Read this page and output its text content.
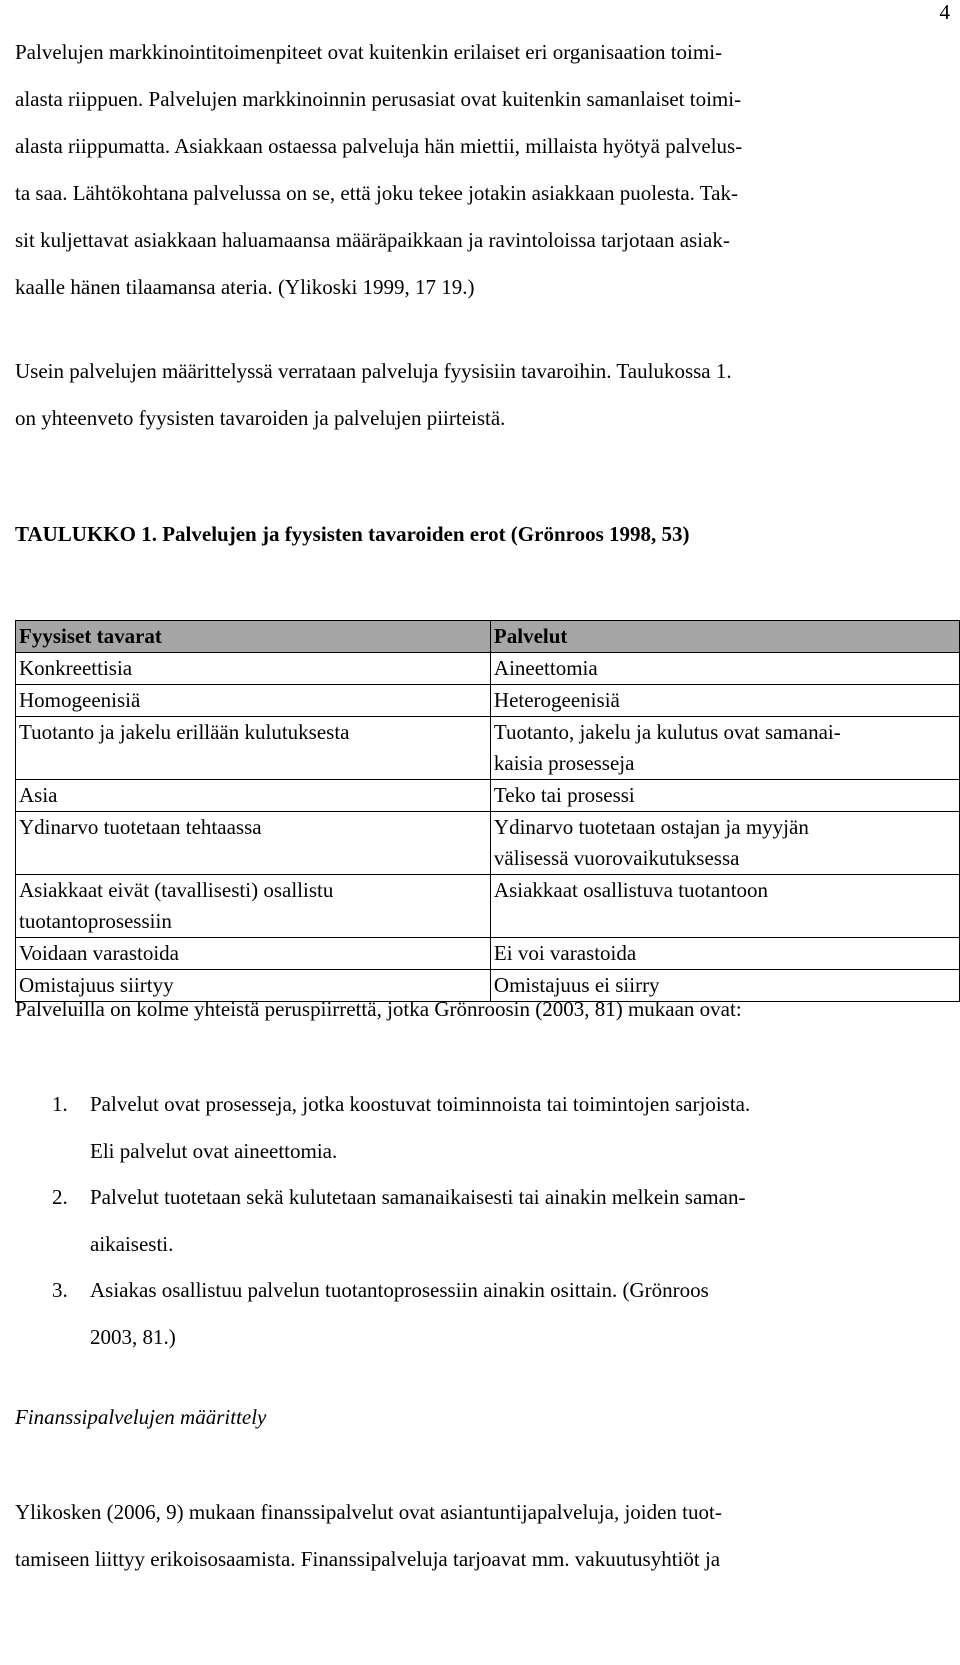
4
Palvelujen markkinointitoimenpiteet ovat kuitenkin erilaiset eri organisaation toimi-
alasta riippuen. Palvelujen markkinoinnin perusasiat ovat kuitenkin samanlaiset toimi-
alasta riippumatta. Asiakkaan ostaessa palveluja hän miettii, millaista hyötyä palvelus-
ta saa. Lähtökohtana palvelussa on se, että joku tekee jotakin asiakkaan puolesta. Tak-
sit kuljettavat asiakkaan haluamaansa määräpaikkaan ja ravintoloissa tarjotaan asiak-
kaalle hänen tilaamansa ateria. (Ylikoski 1999, 17 19.)
Usein palvelujen määrittelyssä verrataan palveluja fyysisiin tavaroihin. Taulukossa 1.
on yhteenveto fyysisten tavaroiden ja palvelujen piirteistä.
TAULUKKO 1. Palvelujen ja fyysisten tavaroiden erot (Grönroos 1998, 53)
Fyysiset tavarat	Palvelut
Konkreettisia	Aineettomia
Homogeenisiä	Heterogeenisiä
Tuotanto ja jakelu erillään kulutuksesta	Tuotanto, jakelu ja kulutus ovat samanai-
kaisia prosesseja
Asia	Teko tai prosessi
Ydinarvo tuotetaan tehtaassa	Ydinarvo tuotetaan ostajan ja myyjän
välisessä vuorovaikutuksessa
Asiakkaat eivät (tavallisesti) osallistu
tuotantoprosessiin	Asiakkaat osallistuva tuotantoon
Voidaan varastoida	Ei voi varastoida
Omistajuus siirtyy	Omistajuus ei siirry
Palveluilla on kolme yhteistä peruspiirrettä, jotka Grönroosin (2003, 81) mukaan ovat:
1. Palvelut ovat prosesseja, jotka koostuvat toiminnoista tai toimintojen sarjoista.
Eli palvelut ovat aineettomia.
2. Palvelut tuotetaan sekä kulutetaan samanaikaisesti tai ainakin melkein saman-
aikaisesti.
3. Asiakas osallistuu palvelun tuotantoprosessiin ainakin osittain. (Grönroos
2003, 81.)
Finanssipalvelujen määrittely
Ylikosken (2006, 9) mukaan finanssipalvelut ovat asiantuntijapalveluja, joiden tuot-
tamiseen liittyy erikoisosaamista. Finanssipalveluja tarjoavat mm. vakuutusyhtiöt ja
